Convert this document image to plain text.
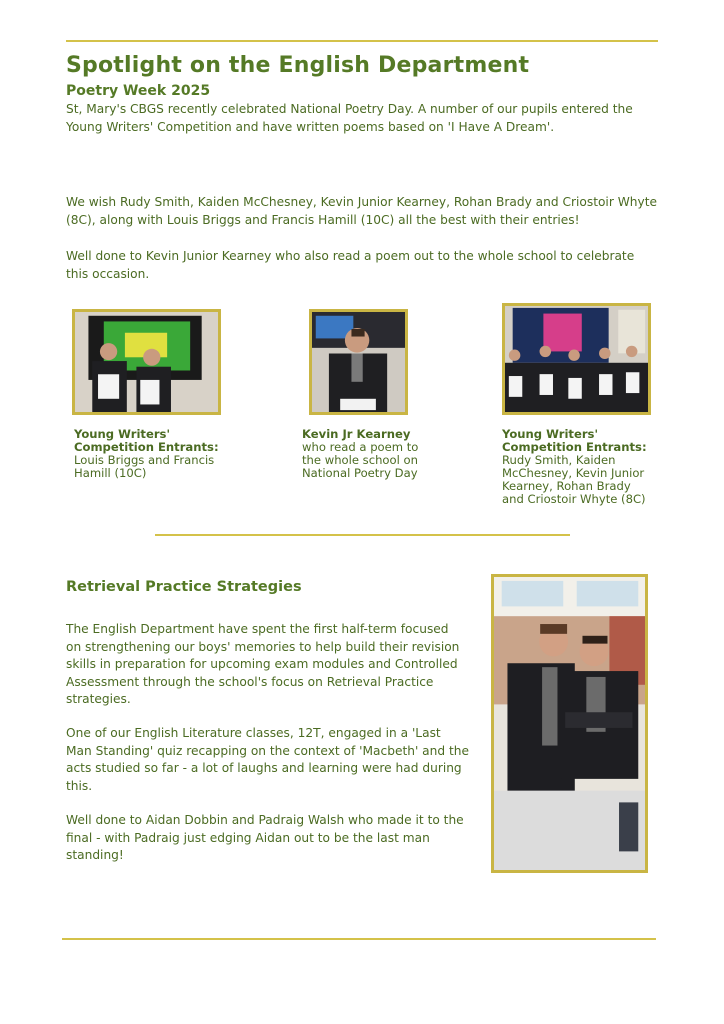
Spotlight on the English Department
Poetry Week 2025
St, Mary's CBGS recently celebrated National Poetry Day. A number of our pupils entered the Young Writers' Competition and have written poems based on 'I Have A Dream'.
We wish Rudy Smith, Kaiden McChesney, Kevin Junior Kearney, Rohan Brady and Criostoir Whyte (8C), along with Louis Briggs and Francis Hamill (10C) all the best with their entries!
Well done to Kevin Junior Kearney who also read a poem out to the whole school to celebrate this occasion.
Young Writers' Competition Entrants:
Louis Briggs and Francis Hamill (10C)
Kevin Jr Kearney
who read a poem to the whole school on National Poetry Day
Young Writers' Competition Entrants:
Rudy Smith, Kaiden McChesney, Kevin Junior Kearney, Rohan Brady and Criostoir Whyte (8C)
Retrieval Practice Strategies
The English Department have spent the first half-term focused on strengthening our boys' memories to help build their revision skills in preparation for upcoming exam modules and Controlled Assessment through the school's focus on Retrieval Practice strategies.
One of our English Literature classes, 12T, engaged in a 'Last Man Standing' quiz recapping on the context of 'Macbeth' and the acts studied so far - a lot of laughs and learning were had during this.
Well done to Aidan Dobbin and Padraig Walsh who made it to the final - with Padraig just edging Aidan out to be the last man standing!
